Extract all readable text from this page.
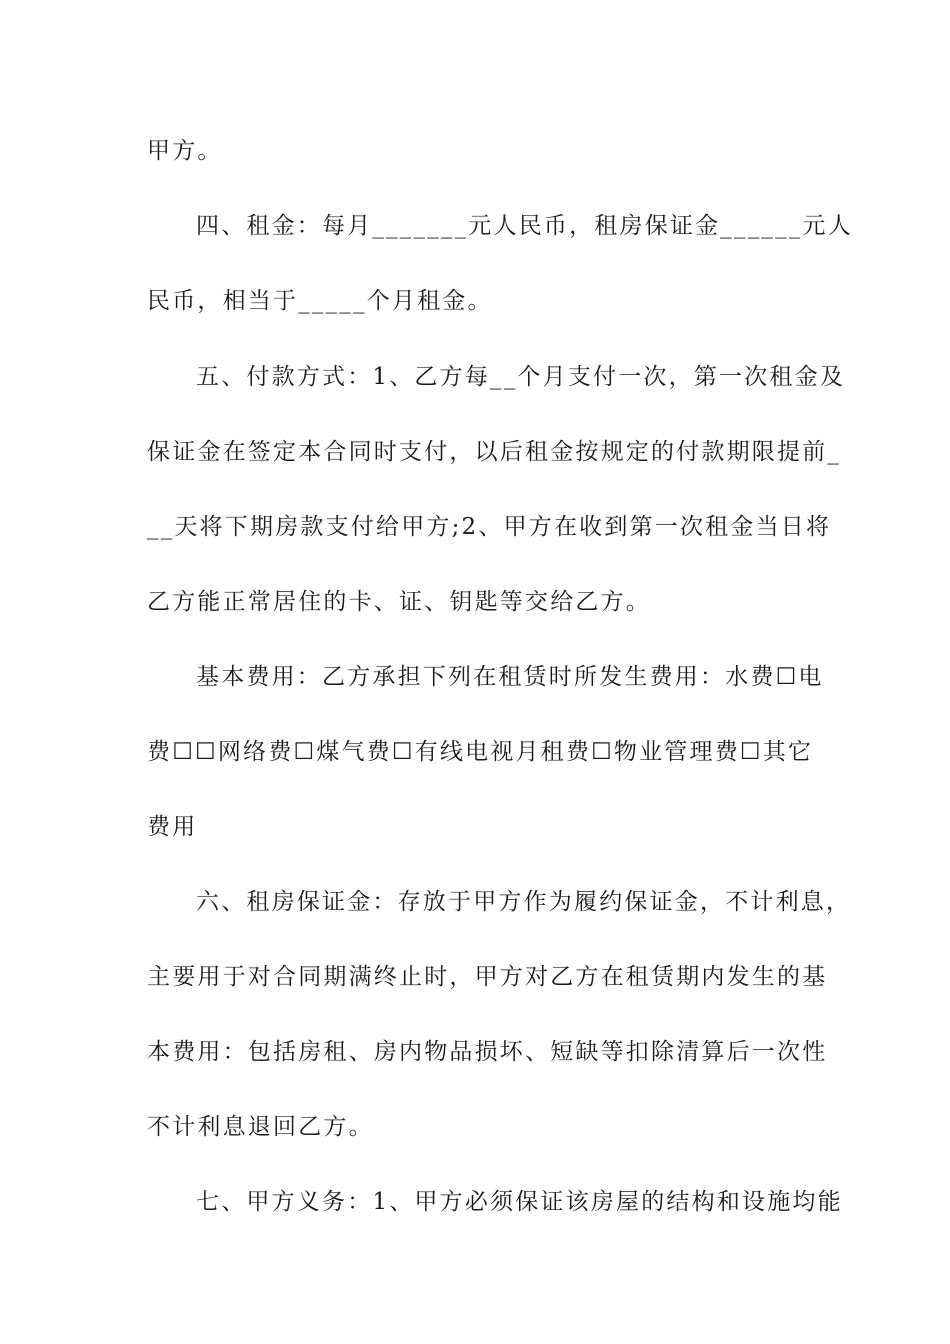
甲方。
四、租金：每月_______元人民币，租房保证金______元人
民币，相当于_____个月租金。
五、付款方式：1、乙方每__个月支付一次，第一次租金及
保证金在签定本合同时支付，以后租金按规定的付款期限提前_
__天将下期房款支付给甲方;2、甲方在收到第一次租金当日将
乙方能正常居住的卡、证、钥匙等交给乙方。
基本费用：乙方承担下列在租赁时所发生费用：水费☐电
费☐☐网络费☐煤气费☐有线电视月租费☐物业管理费☐其它
费用
六、租房保证金：存放于甲方作为履约保证金，不计利息，
主要用于对合同期满终止时，甲方对乙方在租赁期内发生的基
本费用：包括房租、房内物品损坏、短缺等扣除清算后一次性
不计利息退回乙方。
七、甲方义务：1、甲方必须保证该房屋的结构和设施均能
